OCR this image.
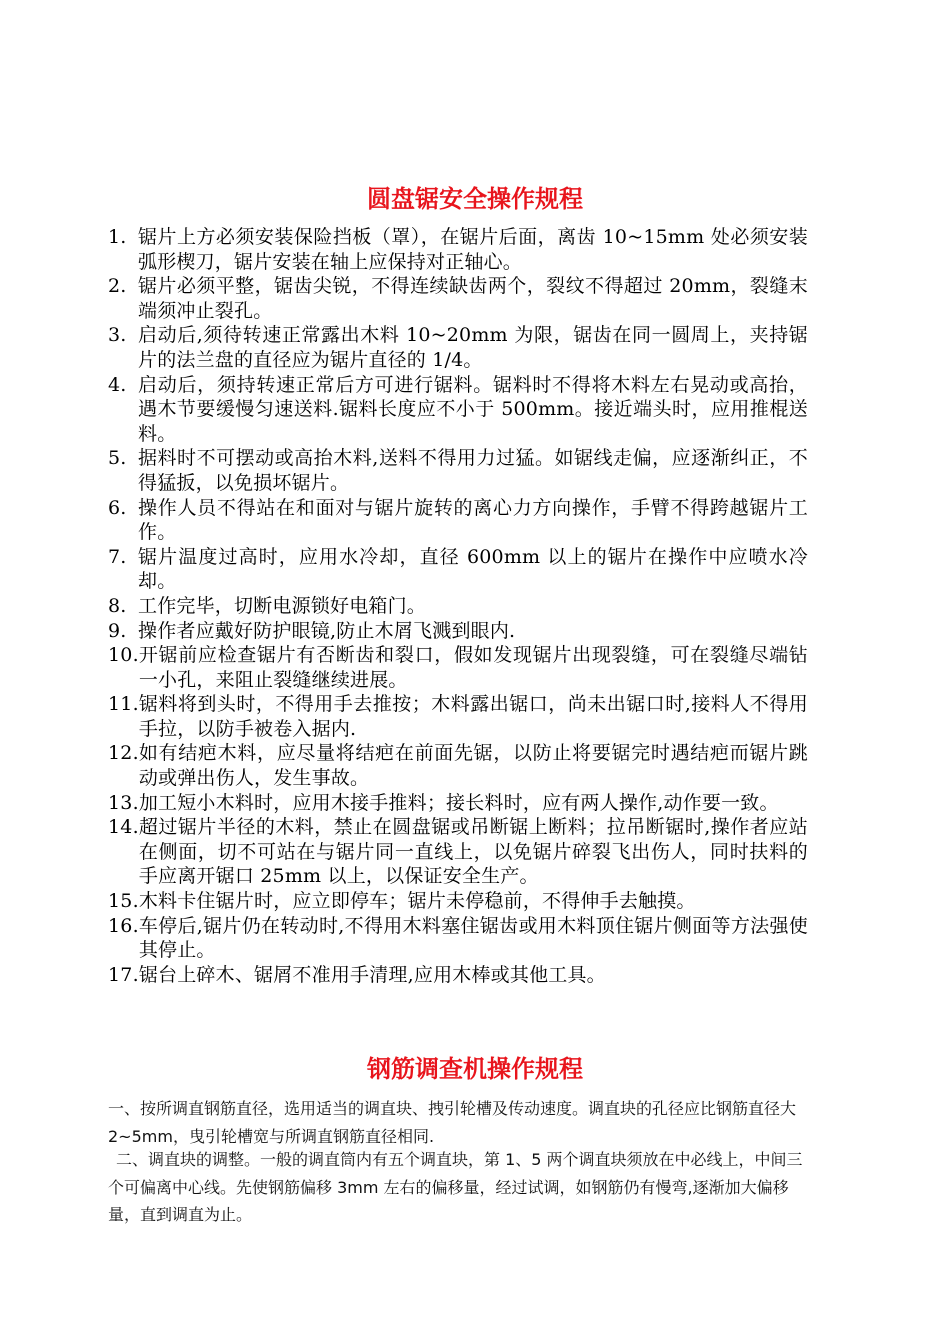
圆盘锯安全操作规程
1. 锯片上方必须安装保险挡板（罩），在锯片后面，离齿 10~15mm 处必须安装弧形楔刀，锯片安装在轴上应保持对正轴心。
2. 锯片必须平整，锯齿尖锐，不得连续缺齿两个，裂纹不得超过 20mm，裂缝末端须冲止裂孔。
3. 启动后,须待转速正常露出木料 10~20mm 为限，锯齿在同一圆周上，夹持锯片的法兰盘的直径应为锯片直径的 1/4。
4. 启动后，须持转速正常后方可进行锯料。锯料时不得将木料左右晃动或高抬，遇木节要缓慢匀速送料.锯料长度应不小于 500mm。接近端头时，应用推棍送料。
5. 据料时不可摆动或高抬木料,送料不得用力过猛。如锯线走偏，应逐渐纠正，不得猛扳，以免损坏锯片。
6. 操作人员不得站在和面对与锯片旋转的离心力方向操作，手臂不得跨越锯片工作。
7. 锯片温度过高时，应用水冷却，直径 600mm 以上的锯片在操作中应喷水冷却。
8. 工作完毕，切断电源锁好电箱门。
9. 操作者应戴好防护眼镜,防止木屑飞溅到眼内.
10. 开锯前应检查锯片有否断齿和裂口，假如发现锯片出现裂缝，可在裂缝尽端钻一小孔，来阻止裂缝继续进展。
11. 锯料将到头时，不得用手去推按；木料露出锯口，尚未出锯口时,接料人不得用手拉，以防手被卷入据内.
12. 如有结疤木料，应尽量将结疤在前面先锯，以防止将要锯完时遇结疤而锯片跳动或弹出伤人，发生事故。
13. 加工短小木料时，应用木接手推料；接长料时，应有两人操作,动作要一致。
14. 超过锯片半径的木料，禁止在圆盘锯或吊断锯上断料；拉吊断锯时,操作者应站在侧面，切不可站在与锯片同一直线上，以免锯片碎裂飞出伤人，同时扶料的手应离开锯口 25mm 以上，以保证安全生产。
15. 木料卡住锯片时，应立即停车；锯片未停稳前，不得伸手去触摸。
16. 车停后,锯片仍在转动时,不得用木料塞住锯齿或用木料顶住锯片侧面等方法强使其停止。
17. 锯台上碎木、锯屑不准用手清理,应用木棒或其他工具。
钢筋调查机操作规程

一、按所调直钢筋直径，选用适当的调直块、拽引轮槽及传动速度。调直块的孔径应比钢筋直径大 2~5mm，曳引轮槽宽与所调直钢筋直径相同.

二、调直块的调整。一般的调直筒内有五个调直块，第 1、5 两个调直块须放在中必线上，中间三个可偏离中心线。先使钢筋偏移 3mm 左右的偏移量，经过试调，如钢筋仍有慢弯,逐渐加大偏移量，直到调直为止。
